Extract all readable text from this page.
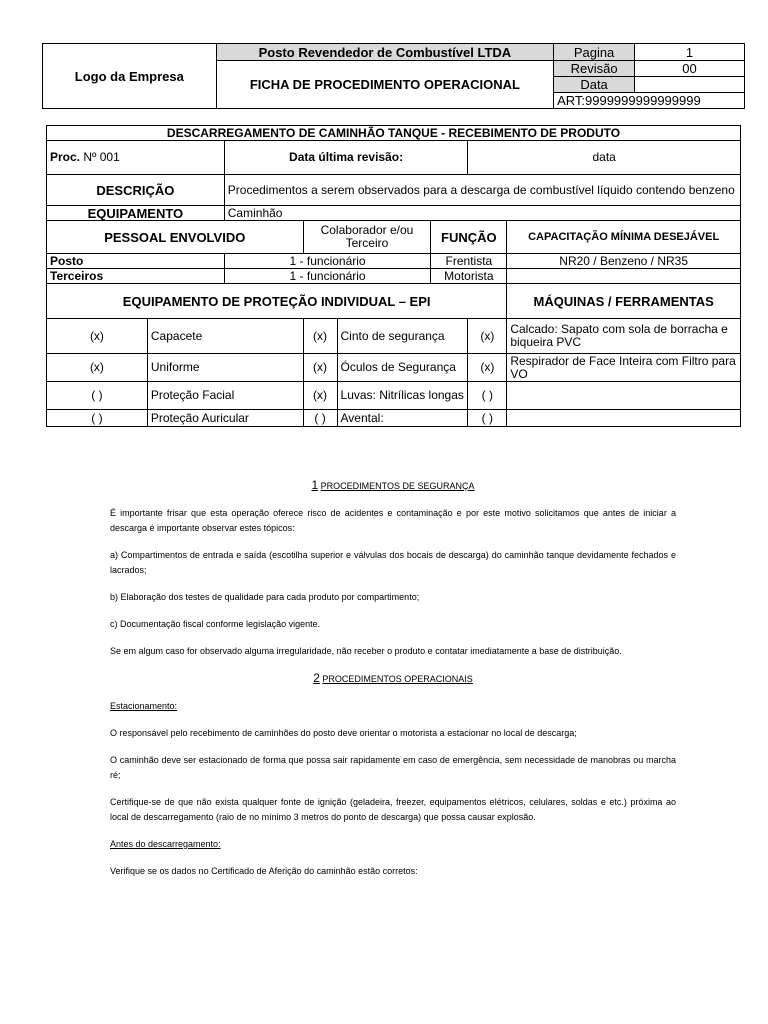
Logo da Empresa	Posto Revendedor de Combustível LTDA	Pagina	1
	FICHA DE PROCEDIMENTO OPERACIONAL	Revisão	00
		Data	
		ART:9999999999999999	
DESCARREGAMENTO DE CAMINHÃO TANQUE - RECEBIMENTO DE PRODUTO							
Proc. Nº 001		Data última revisão:				data	
DESCRIÇÃO		Procedimentos a serem observados para a descarga de combustível líquido contendo benzeno					
EQUIPAMENTO		Caminhão					
PESSOAL ENVOLVIDO			Colaborador e/ou Terceiro		FUNÇÃO		CAPACITAÇÃO MÍNIMA DESEJÁVEL
Posto		1 - funcionário			Frentista		NR20 / Benzeno / NR35
Terceiros		1 - funcionário			Motorista		
EQUIPAMENTO DE PROTEÇÃO INDIVIDUAL – EPI							MÁQUINAS / FERRAMENTAS
(x)	Capacete		(x)	Cinto de segurança		(x)	Calcado: Sapato com sola de borracha e biqueira PVC
(x)	Uniforme		(x)	Óculos de Segurança		(x)	Respirador de Face Inteira com Filtro para VO
( )	Proteção Facial		(x)	Luvas: Nitrílicas longas		( )	
( )	Proteção Auricular		( )	Avental:		( )	
1 PROCEDIMENTOS DE SEGURANÇA

É importante frisar que esta operação oferece risco de acidentes e contaminação e por este motivo solicitamos que antes de iniciar a descarga é importante observar estes tópicos:

a) Compartimentos de entrada e saída (escotilha superior e válvulas dos bocais de descarga) do caminhão tanque devidamente fechados e lacrados;

b) Elaboração dos testes de qualidade para cada produto por compartimento;

c) Documentação fiscal conforme legislação vigente.

Se em algum caso for observado alguma irregularidade, não receber o produto e contatar imediatamente a base de distribuição.

2 PROCEDIMENTOS OPERACIONAIS

Estacionamento:

O responsável pelo recebimento de caminhões do posto deve orientar o motorista a estacionar no local de descarga;

O caminhão deve ser estacionado de forma que possa sair rapidamente em caso de emergência, sem necessidade de manobras ou marcha ré;

Certifique-se de que não exista qualquer fonte de ignição (geladeira, freezer, equipamentos elétricos, celulares, soldas e etc.) próxima ao local de descarregamento (raio de no mínimo 3 metros do ponto de descarga) que possa causar explosão.

Antes do descarregamento:

Verifique se os dados no Certificado de Aferição do caminhão estão corretos:
